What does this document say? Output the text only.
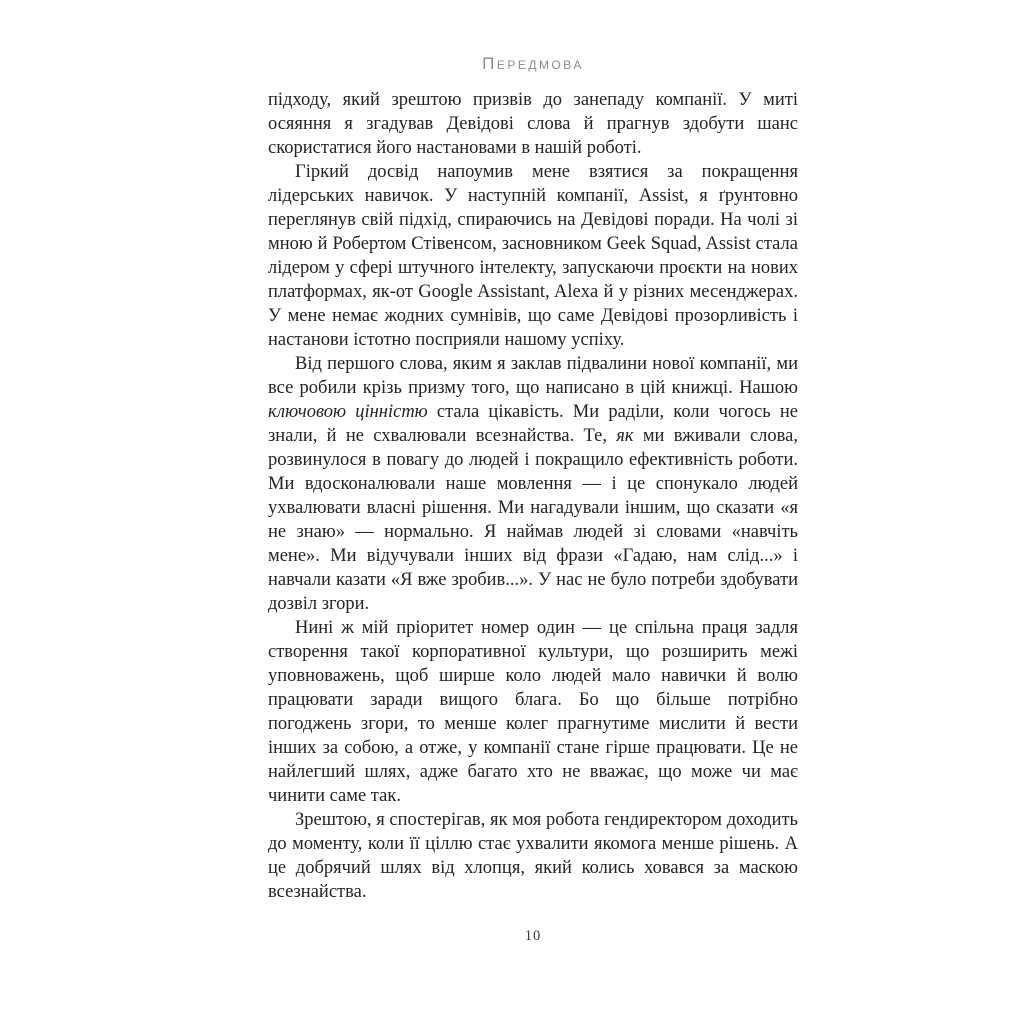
Передмова

підходу, який зрештою призвів до занепаду компанії. У миті осяяння я згадував Девідові слова й прагнув здобути шанс скористатися його настановами в нашій роботі.

Гіркий досвід напоумив мене взятися за покращення лідерських навичок. У наступній компанії, Assist, я ґрунтовно переглянув свій підхід, спираючись на Девідові поради. На чолі зі мною й Робертом Стівенсом, засновником Geek Squad, Assist стала лідером у сфері штучного інтелекту, запускаючи проєкти на нових платформах, як-от Google Assistant, Alexa й у різних месенджерах. У мене немає жодних сумнівів, що саме Девідові прозорливість і настанови істотно посприяли нашому успіху.

Від першого слова, яким я заклав підвалини нової компанії, ми все робили крізь призму того, що написано в цій книжці. Нашою ключовою цінністю стала цікавість. Ми раділи, коли чогось не знали, й не схвалювали всезнайства. Те, як ми вживали слова, розвинулося в повагу до людей і покращило ефективність роботи. Ми вдосконалювали наше мовлення — і це спонукало людей ухвалювати власні рішення. Ми нагадували іншим, що сказати «я не знаю» — нормально. Я наймав людей зі словами «навчіть мене». Ми відучували інших від фрази «Гадаю, нам слід...» і навчали казати «Я вже зробив...». У нас не було потреби здобувати дозвіл згори.

Нині ж мій пріоритет номер один — це спільна праця задля створення такої корпоративної культури, що розширить межі уповноважень, щоб ширше коло людей мало навички й волю працювати заради вищого блага. Бо що більше потрібно погоджень згори, то менше колег прагнутиме мислити й вести інших за собою, а отже, у компанії стане гірше працювати. Це не найлегший шлях, адже багато хто не вважає, що може чи має чинити саме так.

Зрештою, я спостерігав, як моя робота гендиректором доходить до моменту, коли її ціллю стає ухвалити якомога менше рішень. А це добрячий шлях від хлопця, який колись ховався за маскою всезнайства.

10
